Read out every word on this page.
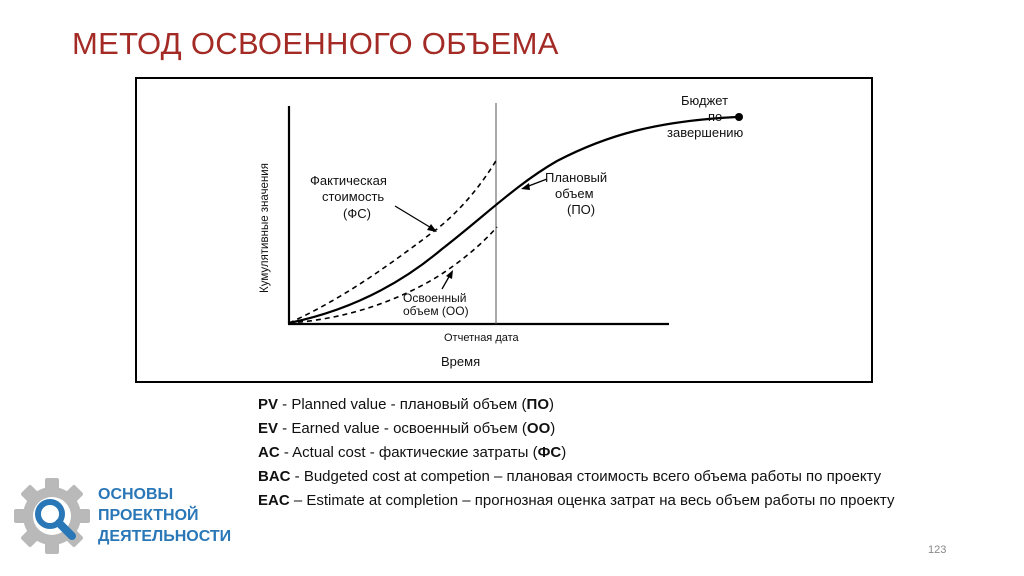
МЕТОД ОСВОЕННОГО ОБЪЕМА
Кумулятивные значения
Отчетная дата
Время
Бюджет
по
завершению
Плановый
объем
(ПО)
Фактическая
стоимость
(ФС)
Освоенный
объем (ОО)
PV - Planned value - плановый объем (ПО)
EV - Earned value - освоенный объем (ОО)
AC - Actual cost - фактические затраты (ФС)
BAC - Budgeted cost at competion – плановая стоимость всего объема работы по проекту
EAC – Estimate at completion – прогнозная оценка затрат на весь объем работы по проекту
ОСНОВЫ
ПРОЕКТНОЙ
ДЕЯТЕЛЬНОСТИ
123
